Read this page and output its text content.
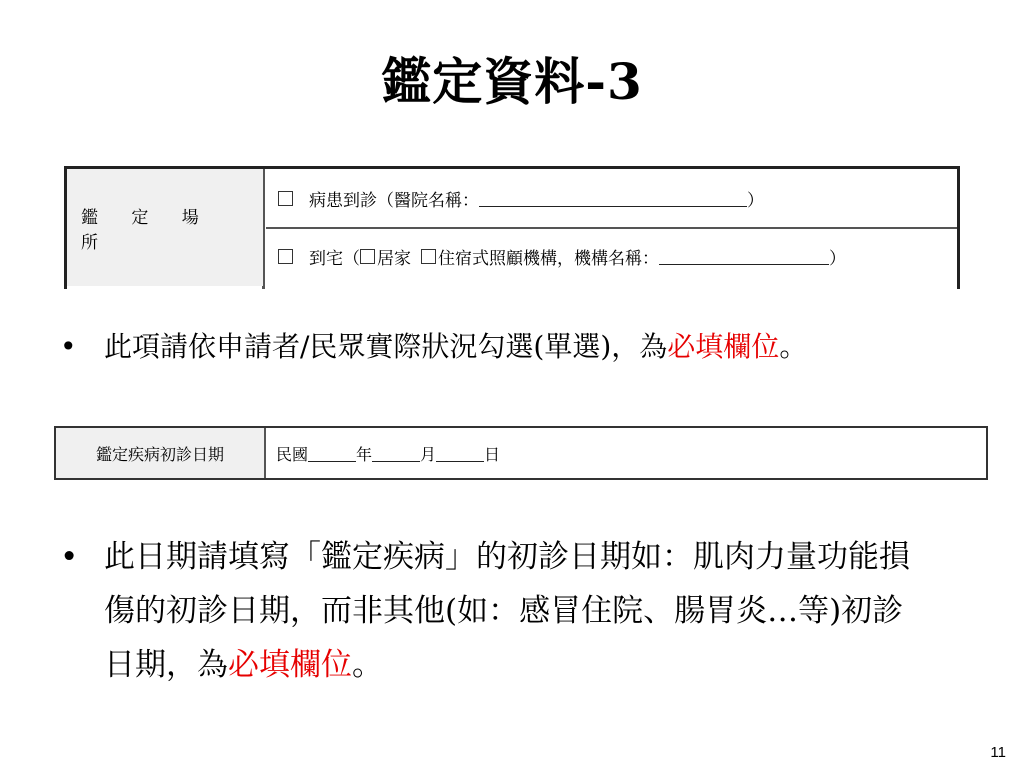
鑑定資料-3
鑑 定 場 所
病患到診（醫院名稱：	）
到宅（ 居家 住宿式照顧機構，機構名稱：	）
• 此項請依申請者/民眾實際狀況勾選(單選)，為必填欄位。
鑑定疾病初診日期	民國	年	月	日
• 此日期請填寫「鑑定疾病」的初診日期如：肌肉力量功能損傷的初診日期，而非其他(如：感冒住院、腸胃炎…等)初診日期，為必填欄位。
11
